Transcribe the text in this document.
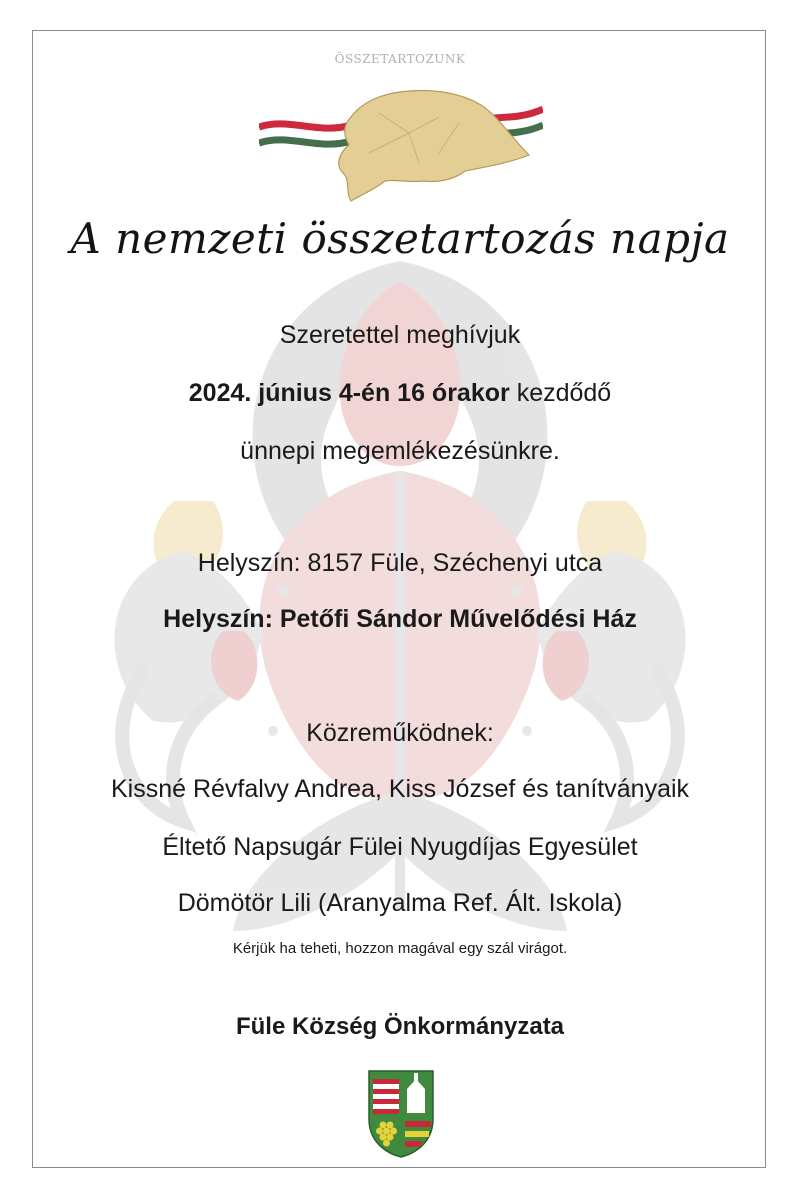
ÖSSZETARTOZUNK
A nemzeti összetartozás napja
Szeretettel meghívjuk
2024. június 4-én 16 órakor kezdődő
ünnepi megemlékezésünkre.
Helyszín: 8157 Füle, Széchenyi utca
Helyszín: Petőfi Sándor Művelődési Ház
Közreműködnek:
Kissné Révfalvy Andrea, Kiss József és tanítványaik
Éltető Napsugár Fülei Nyugdíjas Egyesület
Dömötör Lili (Aranyalma Ref. Ált. Iskola)
Kérjük ha teheti, hozzon magával egy szál virágot.
Füle Község Önkormányzata
